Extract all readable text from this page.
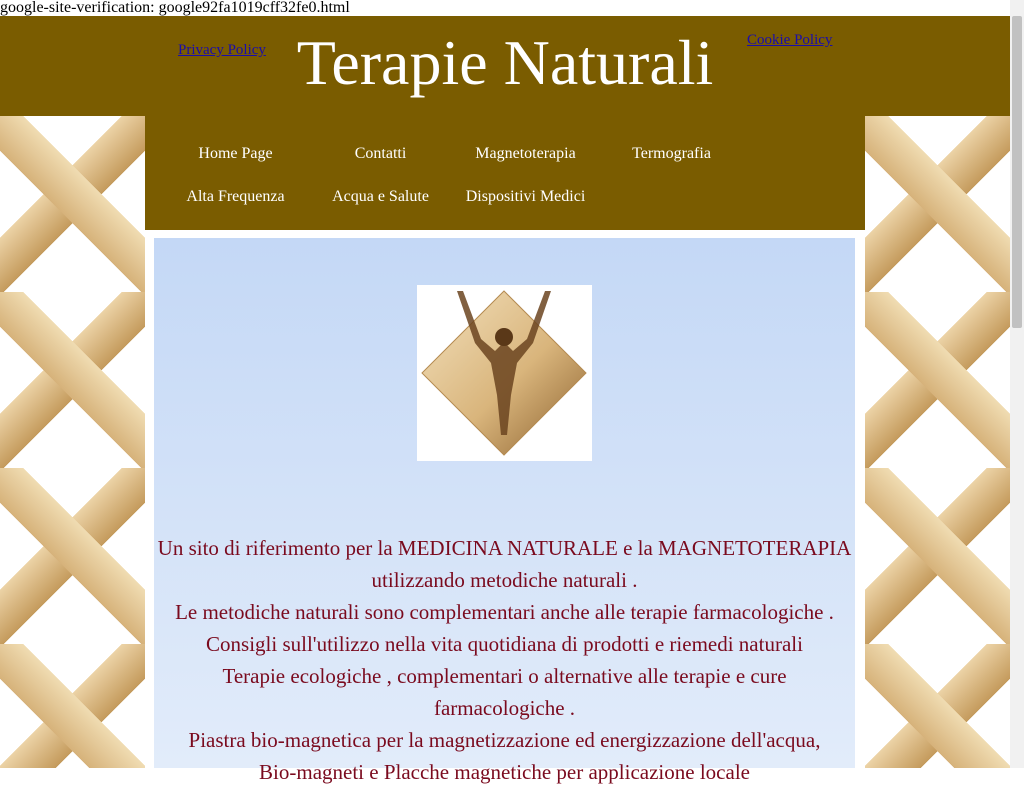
google-site-verification: google92fa1019cff32fe0.html
Privacy Policy Terapie Naturali	Cookie Policy
Home Page	Contatti	Magnetoterapia	Termografia
Alta Frequenza	Acqua e Salute	Dispositivi Medici
Un sito di riferimento per la MEDICINA NATURALE e la MAGNETOTERAPIA
utilizzando metodiche naturali .
Le metodiche naturali sono complementari anche alle terapie farmacologiche .
Consigli sull'utilizzo nella vita quotidiana di prodotti e riemedi naturali
Terapie ecologiche , complementari o alternative alle terapie e cure
farmacologiche .
Piastra bio-magnetica per la magnetizzazione ed energizzazione dell'acqua,
Bio-magneti e Placche magnetiche per applicazione locale
